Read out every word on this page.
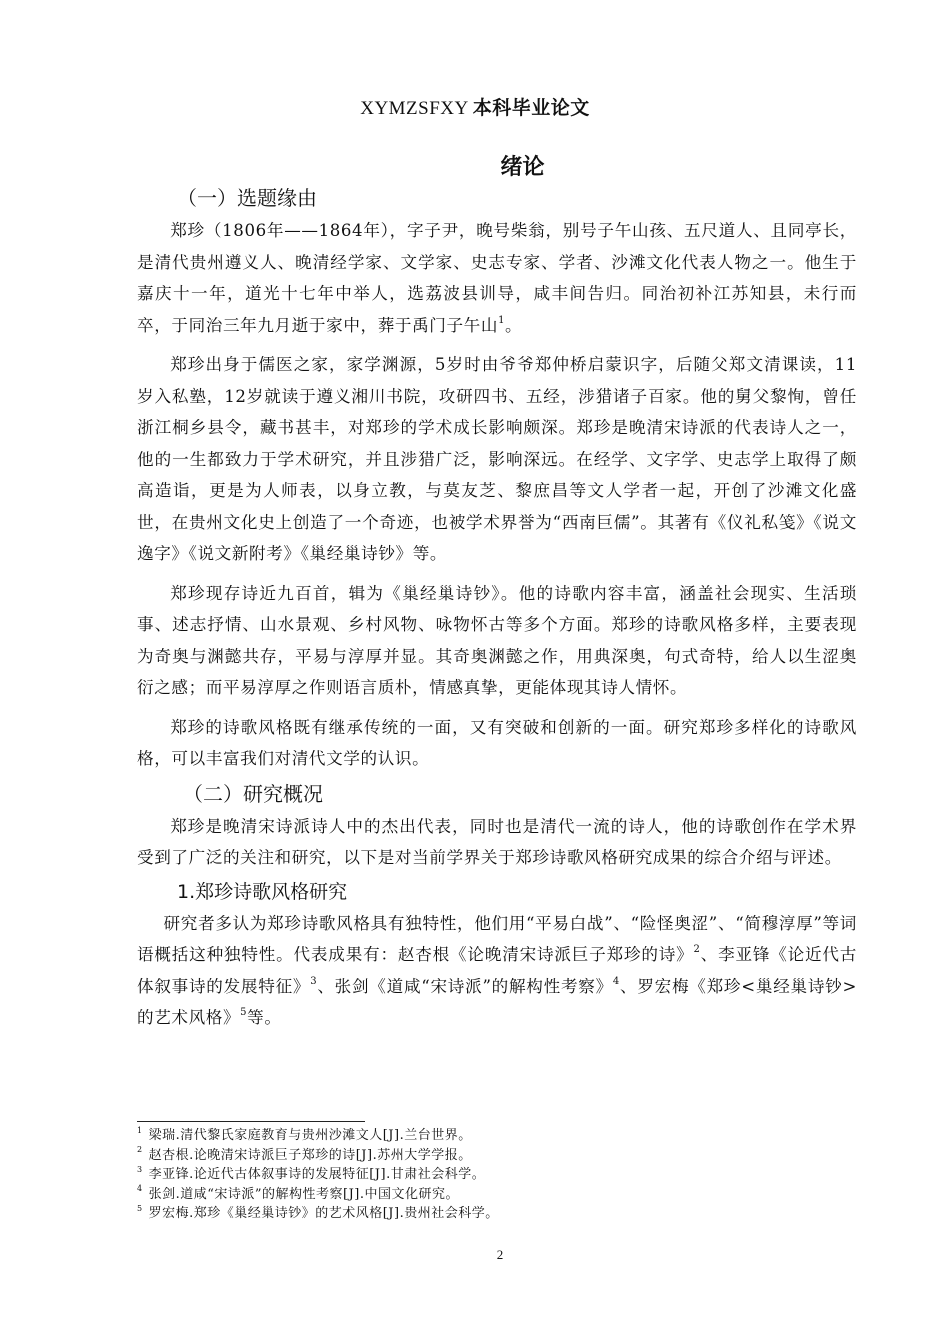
XYMZSFXY 本科毕业论文
绪论
（一）选题缘由

郑珍（1806年——1864年），字子尹，晚号柴翁，别号子午山孩、五尺道人、且同亭长，是清代贵州遵义人、晚清经学家、文学家、史志专家、学者、沙滩文化代表人物之一。他生于嘉庆十一年，道光十七年中举人，选荔波县训导，咸丰间告归。同治初补江苏知县，未行而卒，于同治三年九月逝于家中，葬于禹门子午山$^1$。

郑珍出身于儒医之家，家学渊源，5岁时由爷爷郑仲桥启蒙识字，后随父郑文清课读，11岁入私塾，12岁就读于遵义湘川书院，攻研四书、五经，涉猎诸子百家。他的舅父黎恂，曾任浙江桐乡县令，藏书甚丰，对郑珍的学术成长影响颇深。郑珍是晚清宋诗派的代表诗人之一，他的一生都致力于学术研究，并且涉猎广泛，影响深远。在经学、文字学、史志学上取得了颇高造诣，更是为人师表，以身立教，与莫友芝、黎庶昌等文人学者一起，开创了沙滩文化盛世，在贵州文化史上创造了一个奇迹，也被学术界誉为“西南巨儒”。其著有《仪礼私笺》《说文逸字》《说文新附考》《巢经巢诗钞》等。

郑珍现存诗近九百首，辑为《巢经巢诗钞》。他的诗歌内容丰富，涵盖社会现实、生活琐事、述志抒情、山水景观、乡村风物、咏物怀古等多个方面。郑珍的诗歌风格多样，主要表现为奇奥与渊懿共存，平易与淳厚并显。其奇奥渊懿之作，用典深奥，句式奇特，给人以生涩奥衍之感；而平易淳厚之作则语言质朴，情感真挚，更能体现其诗人情怀。

郑珍的诗歌风格既有继承传统的一面，又有突破和创新的一面。研究郑珍多样化的诗歌风格，可以丰富我们对清代文学的认识。

（二）研究概况

郑珍是晚清宋诗派诗人中的杰出代表，同时也是清代一流的诗人，他的诗歌创作在学术界受到了广泛的关注和研究，以下是对当前学界关于郑珍诗歌风格研究成果的综合介绍与评述。

1.郑珍诗歌风格研究

研究者多认为郑珍诗歌风格具有独特性，他们用“平易白战”、“险怪奥涩”、“简穆淳厚”等词语概括这种独特性。代表成果有：赵杏根《论晚清宋诗派巨子郑珍的诗》$^2$、李亚锋《论近代古体叙事诗的发展特征》$^3$、张剑《道咸“宋诗派”的解构性考察》$^4$、罗宏梅《郑珍<巢经巢诗钞>的艺术风格》$^5$等。

$^1$ 梁瑞.清代黎氏家庭教育与贵州沙滩文人[J].兰台世界。
$^2$ 赵杏根.论晚清宋诗派巨子郑珍的诗[J].苏州大学学报。
$^3$ 李亚锋.论近代古体叙事诗的发展特征[J].甘肃社会科学。
$^4$ 张剑.道咸“宋诗派”的解构性考察[J].中国文化研究。
$^5$ 罗宏梅.郑珍《巢经巢诗钞》的艺术风格[J].贵州社会科学。
2
